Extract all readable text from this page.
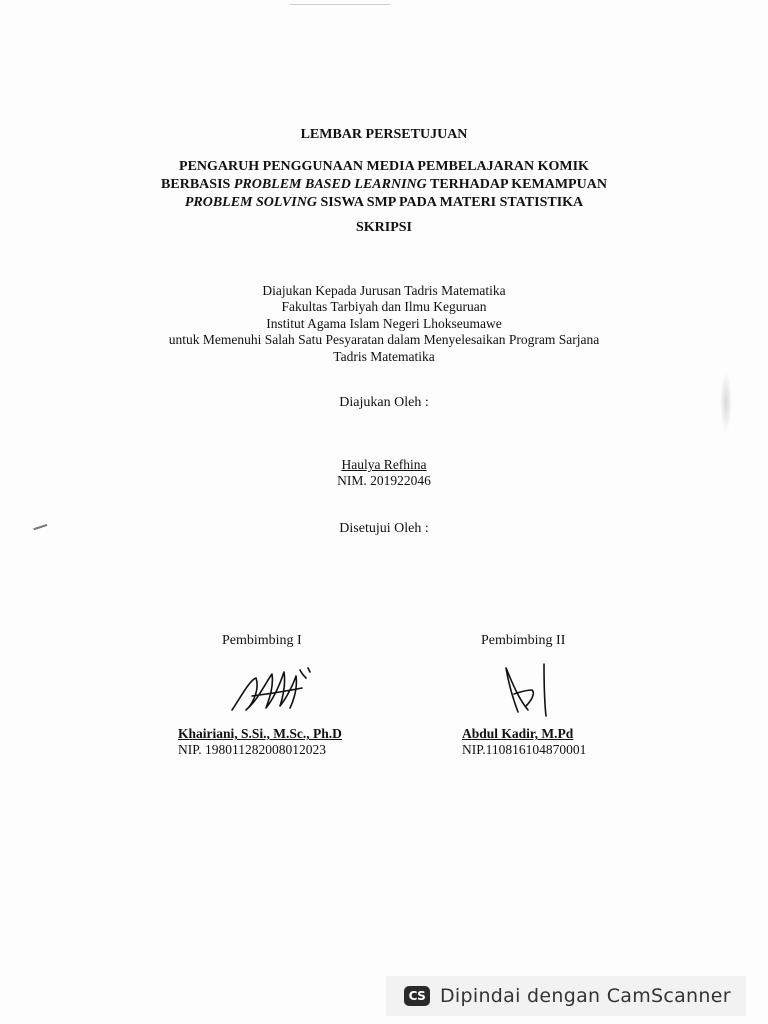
LEMBAR PERSETUJUAN
PENGARUH PENGGUNAAN MEDIA PEMBELAJARAN KOMIK
BERBASIS PROBLEM BASED LEARNING TERHADAP KEMAMPUAN
PROBLEM SOLVING SISWA SMP PADA MATERI STATISTIKA
SKRIPSI
Diajukan Kepada Jurusan Tadris Matematika
Fakultas Tarbiyah dan Ilmu Keguruan
Institut Agama Islam Negeri Lhokseumawe
untuk Memenuhi Salah Satu Pesyaratan dalam Menyelesaikan Program Sarjana
Tadris Matematika
Diajukan Oleh :
Haulya Refhina
NIM. 201922046
Disetujui Oleh :
Pembimbing I	Pembimbing II
Khairiani, S.Si., M.Sc., Ph.D
NIP. 198011282008012023
Abdul Kadir, M.Pd
NIP.110816104870001
CS Dipindai dengan CamScanner
